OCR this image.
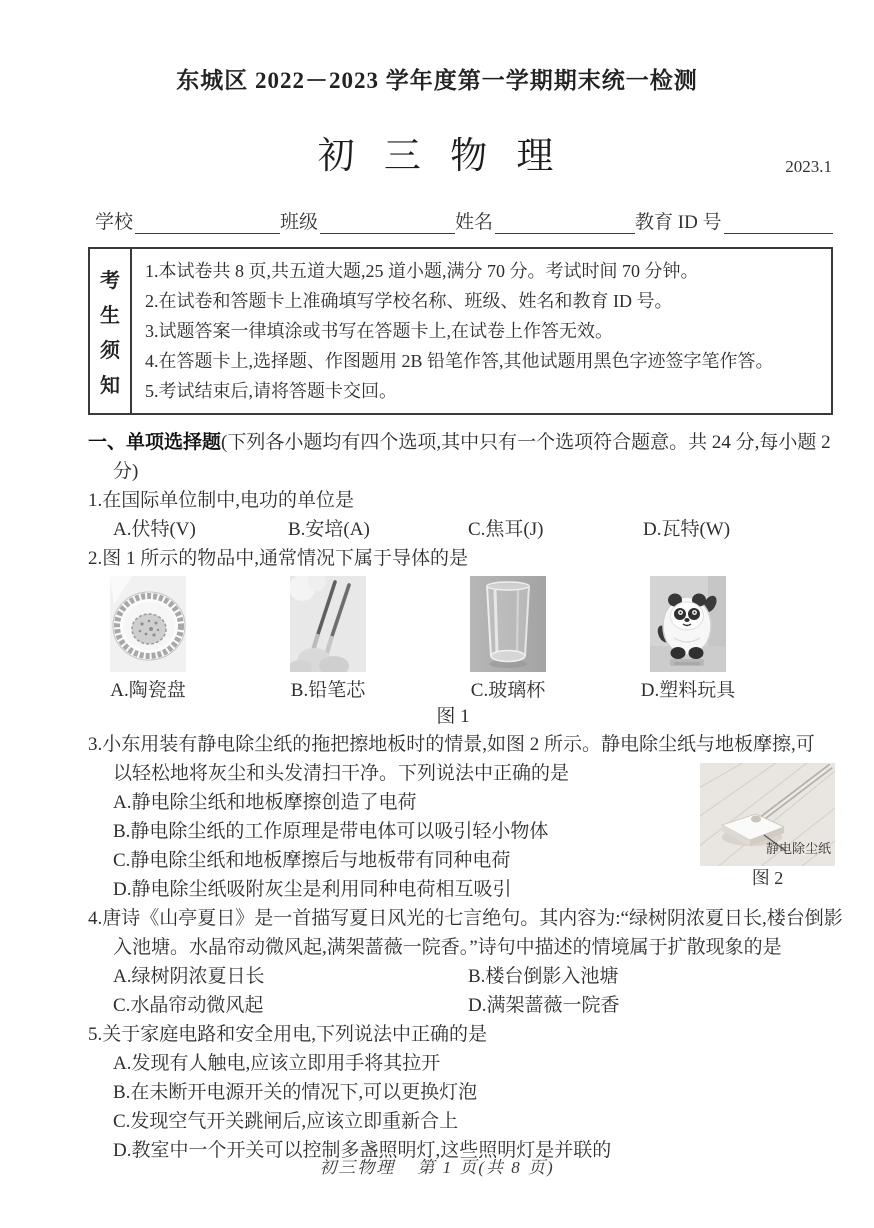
东城区 2022－2023 学年度第一学期期末统一检测
初 三 物 理	2023.1
学校	班级	姓名	教育 ID 号
考
生
须
知
1.本试卷共 8 页,共五道大题,25 道小题,满分 70 分。考试时间 70 分钟。
2.在试卷和答题卡上准确填写学校名称、班级、姓名和教育 ID 号。
3.试题答案一律填涂或书写在答题卡上,在试卷上作答无效。
4.在答题卡上,选择题、作图题用 2B 铅笔作答,其他试题用黑色字迹签字笔作答。
5.考试结束后,请将答题卡交回。
一、单项选择题(下列各小题均有四个选项,其中只有一个选项符合题意。共 24 分,每小题 2 分)
1.在国际单位制中,电功的单位是
A.伏特(V)	B.安培(A)	C.焦耳(J)	D.瓦特(W)
2.图 1 所示的物品中,通常情况下属于导体的是
A.陶瓷盘	B.铅笔芯	C.玻璃杯	D.塑料玩具
图 1
静电除尘纸
图 2
3.小东用装有静电除尘纸的拖把擦地板时的情景,如图 2 所示。静电除尘纸与地板摩擦,可以轻松地将灰尘和头发清扫干净。下列说法中正确的是
A.静电除尘纸和地板摩擦创造了电荷
B.静电除尘纸的工作原理是带电体可以吸引轻小物体
C.静电除尘纸和地板摩擦后与地板带有同种电荷
D.静电除尘纸吸附灰尘是利用同种电荷相互吸引
4.唐诗《山亭夏日》是一首描写夏日风光的七言绝句。其内容为:“绿树阴浓夏日长,楼台倒影入池塘。水晶帘动微风起,满架蔷薇一院香。”诗句中描述的情境属于扩散现象的是
A.绿树阴浓夏日长	B.楼台倒影入池塘
C.水晶帘动微风起	D.满架蔷薇一院香
5.关于家庭电路和安全用电,下列说法中正确的是
A.发现有人触电,应该立即用手将其拉开
B.在未断开电源开关的情况下,可以更换灯泡
C.发现空气开关跳闸后,应该立即重新合上
D.教室中一个开关可以控制多盏照明灯,这些照明灯是并联的
初三物理 第 1 页(共 8 页)
